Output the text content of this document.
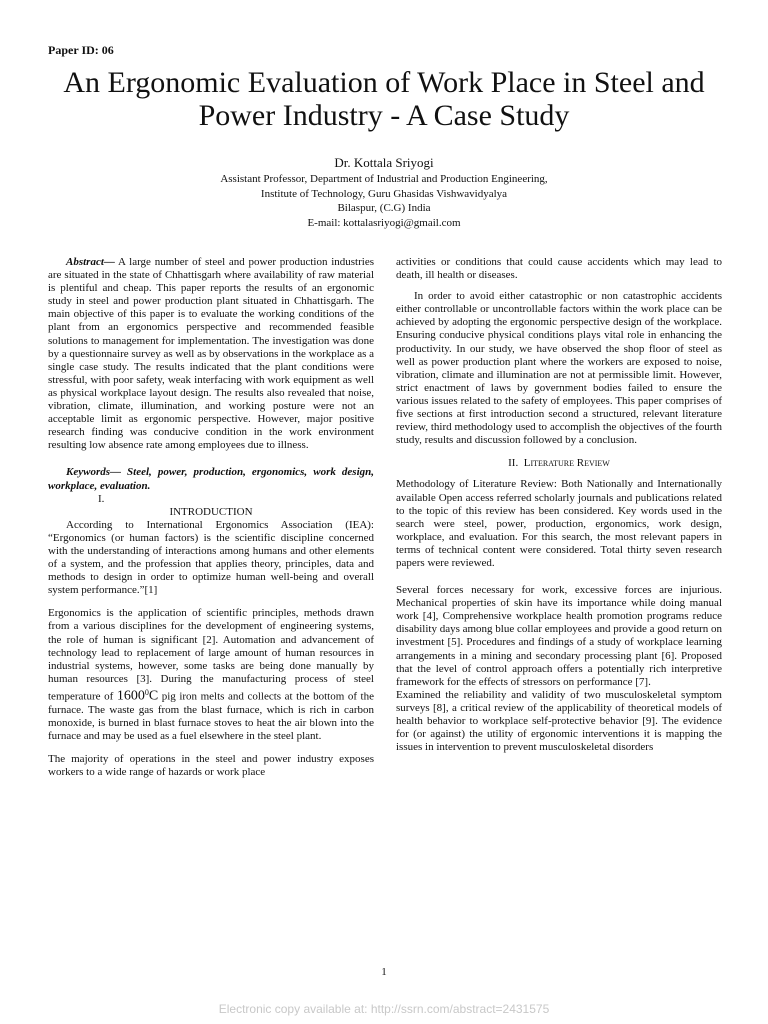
Paper ID: 06
An Ergonomic Evaluation of Work Place in Steel and
Power Industry - A Case Study
Dr. Kottala Sriyogi
Assistant Professor, Department of Industrial and Production Engineering,
Institute of Technology, Guru Ghasidas Vishwavidyalya
Bilaspur, (C.G) India
E-mail: kottalasriyogi@gmail.com

Abstract— A large number of steel and power production industries are situated in the state of Chhattisgarh where availability of raw material is plentiful and cheap. This paper reports the results of an ergonomic study in steel and power production plant situated in Chhattisgarh. The main objective of this paper is to evaluate the working conditions of the plant from an ergonomics perspective and recommended feasible solutions to management for implementation. The investigation was done by a questionnaire survey as well as by observations in the workplace as a single case study. The results indicated that the plant conditions were stressful, with poor safety, weak interfacing with work equipment as well as physical workplace layout design. The results also revealed that noise, vibration, climate, illumination, and working posture were not an acceptable limit as ergonomic perspective. However, major positive research finding was conducive condition in the work environment resulting low absence rate among employees due to illness.

Keywords— Steel, power, production, ergonomics, work design, workplace, evaluation.

I.

INTRODUCTION

According to International Ergonomics Association (IEA): “Ergonomics (or human factors) is the scientific discipline concerned with the understanding of interactions among humans and other elements of a system, and the profession that applies theory, principles, data and methods to design in order to optimize human well-being and overall system performance.”[1]

Ergonomics is the application of scientific principles, methods drawn from a various disciplines for the development of engineering systems, the role of human is significant [2]. Automation and advancement of technology lead to replacement of large amount of human resources in industrial systems, however, some tasks are being done manually by human resources [3]. During the manufacturing process of steel temperature of 1600$^0$C pig iron melts and collects at the bottom of the furnace. The waste gas from the blast furnace, which is rich in carbon monoxide, is burned in blast furnace stoves to heat the air blown into the furnace and may be used as a fuel elsewhere in the steel plant.

The majority of operations in the steel and power industry exposes workers to a wide range of hazards or work place

activities or conditions that could cause accidents which may lead to death, ill health or diseases.

In order to avoid either catastrophic or non catastrophic accidents either controllable or uncontrollable factors within the work place can be achieved by adopting the ergonomic perspective design of the workplace. Ensuring conducive physical conditions plays vital role in enhancing the productivity. In our study, we have observed the shop floor of steel as well as power production plant where the workers are exposed to noise, vibration, climate and illumination are not at permissible limit. However, strict enactment of laws by government bodies failed to ensure the various issues related to the safety of employees. This paper comprises of five sections at first introduction second a structured, relevant literature review, third methodology used to accomplish the objectives of the fourth study, results and discussion followed by a conclusion.

II. Literature Review

Methodology of Literature Review: Both Nationally and Internationally available Open access referred scholarly journals and publications related to the topic of this review has been considered. Key words used in the search were steel, power, production, ergonomics, work design, workplace, and evaluation. For this search, the most relevant papers in terms of technical content were considered. Total thirty seven research papers were reviewed.

Several forces necessary for work, excessive forces are injurious. Mechanical properties of skin have its importance while doing manual work [4], Comprehensive workplace health promotion programs reduce disability days among blue collar employees and provide a good return on investment [5]. Procedures and findings of a study of workplace learning arrangements in a mining and secondary processing plant [6]. Proposed that the level of control approach offers a potentially rich interpretive framework for the effects of stressors on performance [7].

Examined the reliability and validity of two musculoskeletal symptom surveys [8], a critical review of the applicability of theoretical models of health behavior to workplace self-protective behavior [9]. The evidence for (or against) the utility of ergonomic interventions it is mapping the issues in intervention to prevent musculoskeletal disorders

1
Electronic copy available at: http://ssrn.com/abstract=2431575
